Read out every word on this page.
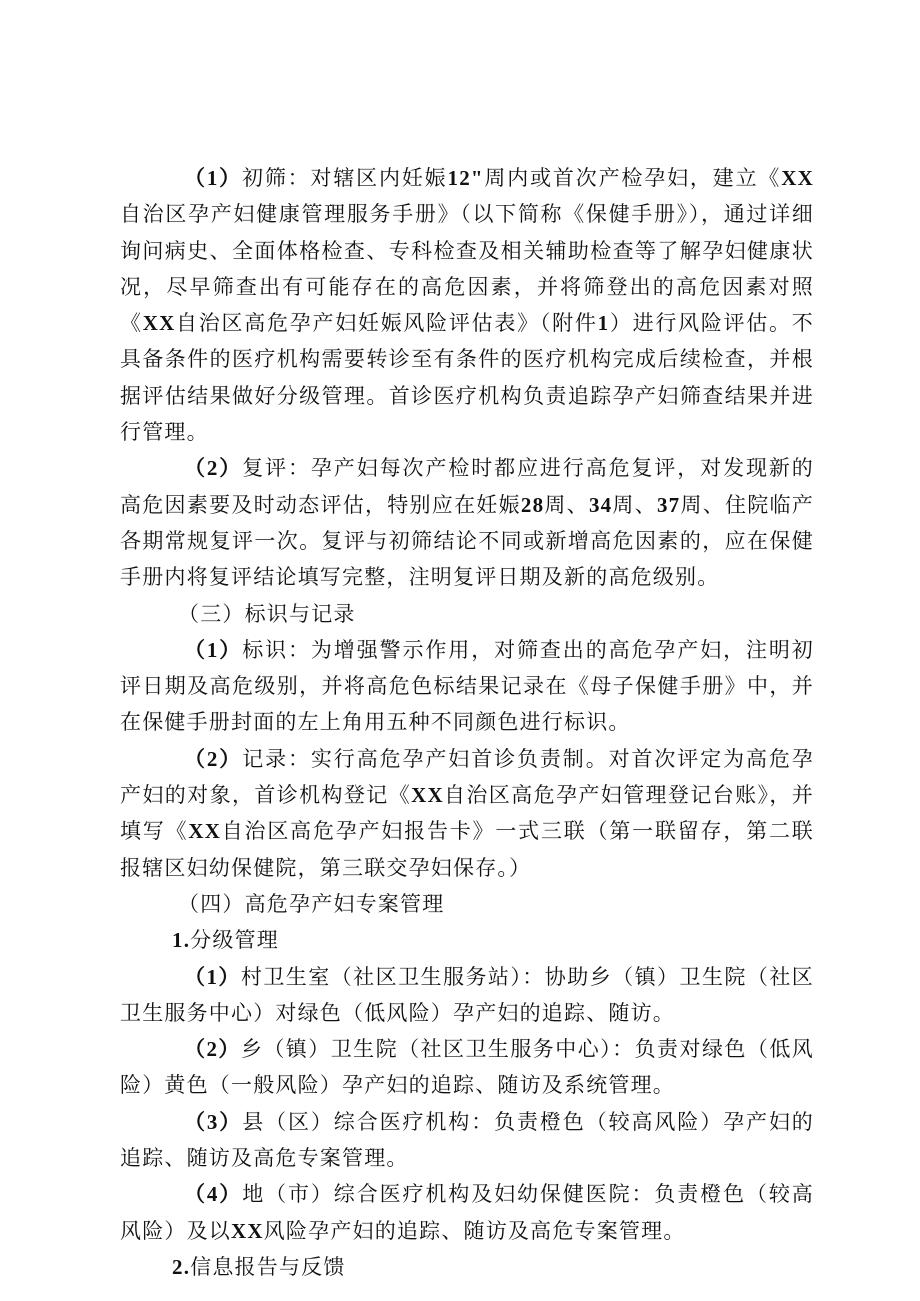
（1）初筛：对辖区内妊娠12"周内或首次产检孕妇，建立《XX自治区孕产妇健康管理服务手册》（以下简称《保健手册》），通过详细询问病史、全面体格检查、专科检查及相关辅助检查等了解孕妇健康状况，尽早筛查出有可能存在的高危因素，并将筛登出的高危因素对照《XX自治区高危孕产妇妊娠风险评估表》（附件1）进行风险评估。不具备条件的医疗机构需要转诊至有条件的医疗机构完成后续检查，并根据评估结果做好分级管理。首诊医疗机构负责追踪孕产妇筛查结果并进行管理。

（2）复评：孕产妇每次产检时都应进行高危复评，对发现新的高危因素要及时动态评估，特别应在妊娠28周、34周、37周、住院临产各期常规复评一次。复评与初筛结论不同或新增高危因素的，应在保健手册内将复评结论填写完整，注明复评日期及新的高危级别。

（三）标识与记录

（1）标识：为增强警示作用，对筛查出的高危孕产妇，注明初评日期及高危级别，并将高危色标结果记录在《母子保健手册》中，并在保健手册封面的左上角用五种不同颜色进行标识。

（2）记录：实行高危孕产妇首诊负责制。对首次评定为高危孕产妇的对象，首诊机构登记《XX自治区高危孕产妇管理登记台账》，并填写《XX自治区高危孕产妇报告卡》一式三联（第一联留存，第二联报辖区妇幼保健院，第三联交孕妇保存。）

（四）高危孕产妇专案管理

1.分级管理

（1）村卫生室（社区卫生服务站）：协助乡（镇）卫生院（社区卫生服务中心）对绿色（低风险）孕产妇的追踪、随访。

（2）乡（镇）卫生院（社区卫生服务中心）：负责对绿色（低风险）黄色（一般风险）孕产妇的追踪、随访及系统管理。

（3）县（区）综合医疗机构：负责橙色（较高风险）孕产妇的追踪、随访及高危专案管理。

（4）地（市）综合医疗机构及妇幼保健医院：负责橙色（较高风险）及以XX风险孕产妇的追踪、随访及高危专案管理。

2.信息报告与反馈
